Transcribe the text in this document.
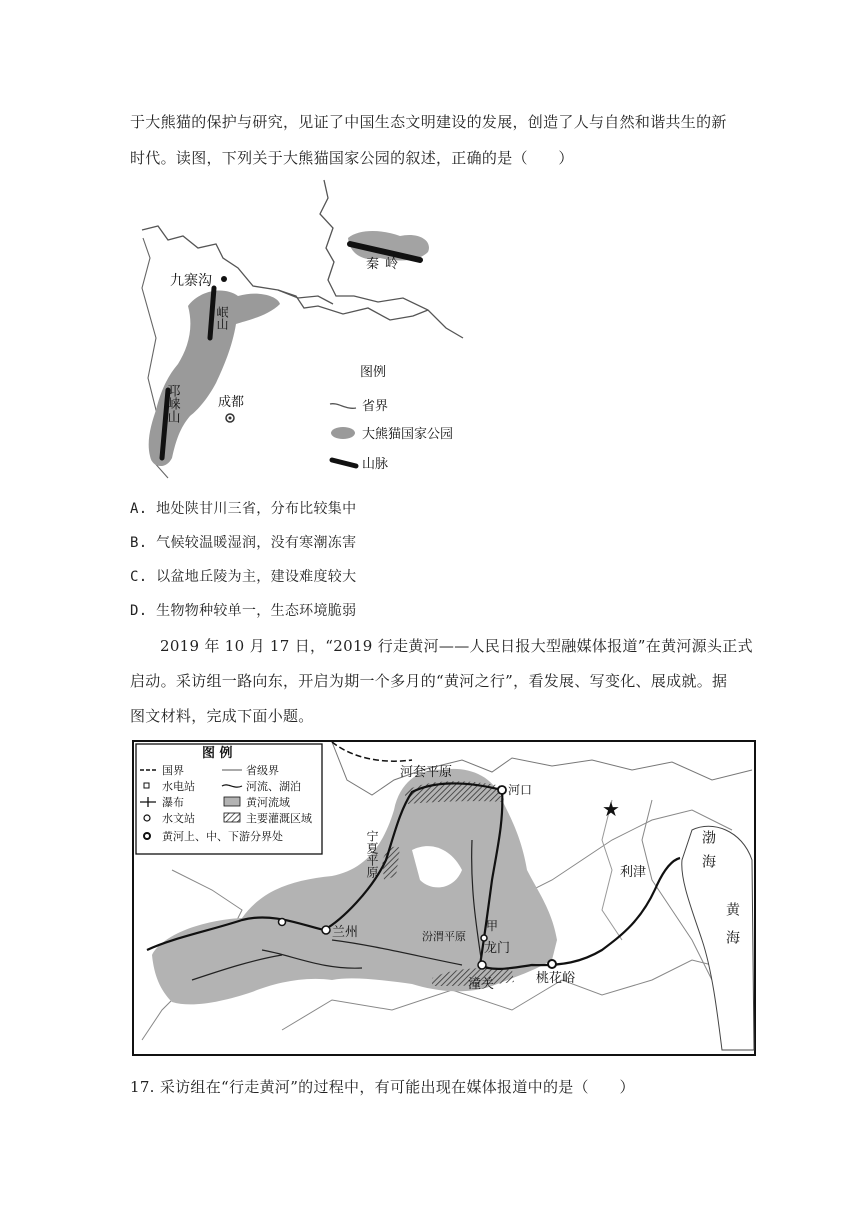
于大熊猫的保护与研究，见证了中国生态文明建设的发展，创造了人与自然和谐共生的新
时代。读图，下列关于大熊猫国家公园的叙述，正确的是（　　）
九寨沟
秦岭
成都
岷山
邛崃山
图例
省界
大熊猫国家公园
山脉
A. 地处陕甘川三省，分布比较集中
B. 气候较温暖湿润，没有寒潮冻害
C. 以盆地丘陵为主，建设难度较大
D. 生物物种较单一，生态环境脆弱
2019 年 10 月 17 日，“2019 行走黄河——人民日报大型融媒体报道”在黄河源头正式
启动。采访组一路向东，开启为期一个多月的“黄河之行”，看发展、写变化、展成就。据
图文材料，完成下面小题。
★
河套平原
河口
宁夏平原
兰州	汾渭平原
甲
龙门
潼关	桃花峪
利津	渤海
黄海
图 例
国界	省级界
水电站	河流、湖泊
瀑布	黄河流域
水文站	主要灌溉区域
黄河上、中、下游分界处
17. 采访组在“行走黄河”的过程中，有可能出现在媒体报道中的是（　　）
